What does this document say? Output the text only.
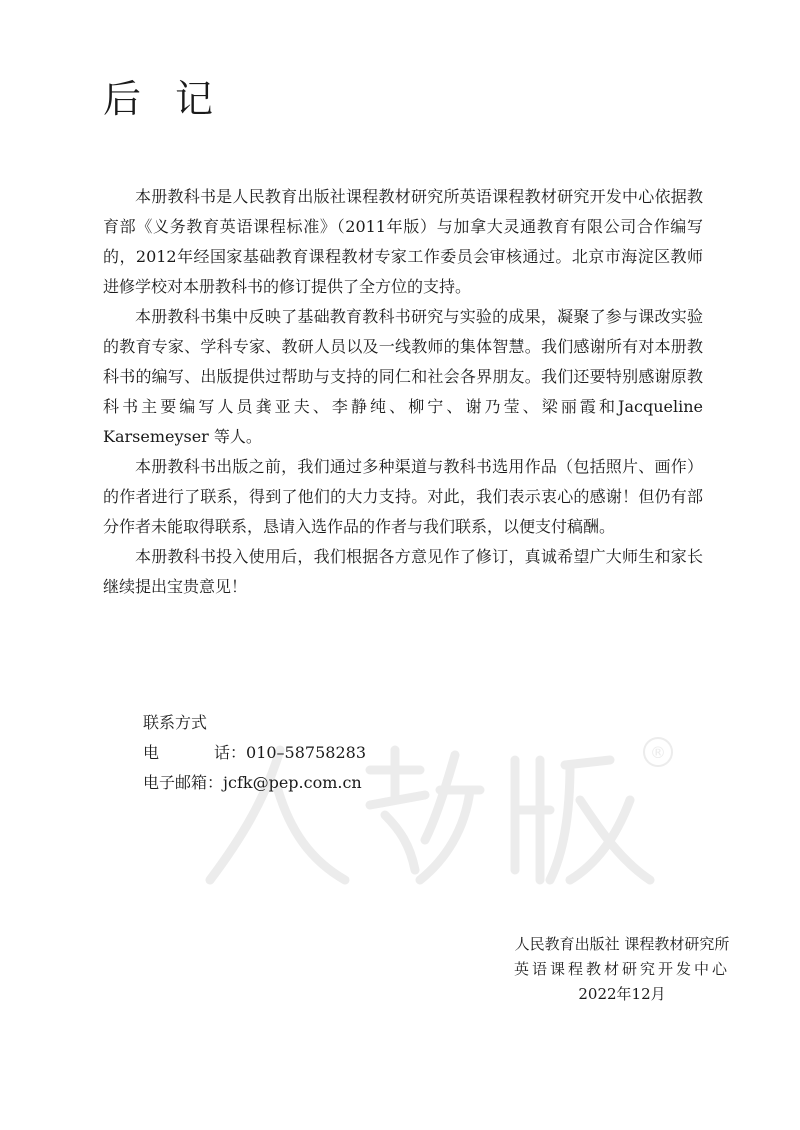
®
后记

本册教科书是人民教育出版社课程教材研究所英语课程教材研究开发中心依据教育部《义务教育英语课程标准》（2011年版）与加拿大灵通教育有限公司合作编写的，2012年经国家基础教育课程教材专家工作委员会审核通过。北京市海淀区教师进修学校对本册教科书的修订提供了全方位的支持。

本册教科书集中反映了基础教育教科书研究与实验的成果，凝聚了参与课改实验的教育专家、学科专家、教研人员以及一线教师的集体智慧。我们感谢所有对本册教科书的编写、出版提供过帮助与支持的同仁和社会各界朋友。我们还要特别感谢原教科书主要编写人员龚亚夫、李静纯、柳宁、谢乃莹、梁丽霞和Jacqueline Karsemeyser 等人。

本册教科书出版之前，我们通过多种渠道与教科书选用作品（包括照片、画作）的作者进行了联系，得到了他们的大力支持。对此，我们表示衷心的感谢！但仍有部分作者未能取得联系，恳请入选作品的作者与我们联系，以便支付稿酬。

本册教科书投入使用后，我们根据各方意见作了修订，真诚希望广大师生和家长继续提出宝贵意见！

联系方式
电	话 ：010–58758283
电子邮箱：jcfk@pep.com.cn
人民教育出版社 课程教材研究所
英语课程教材研究开发中心
2022年12月
